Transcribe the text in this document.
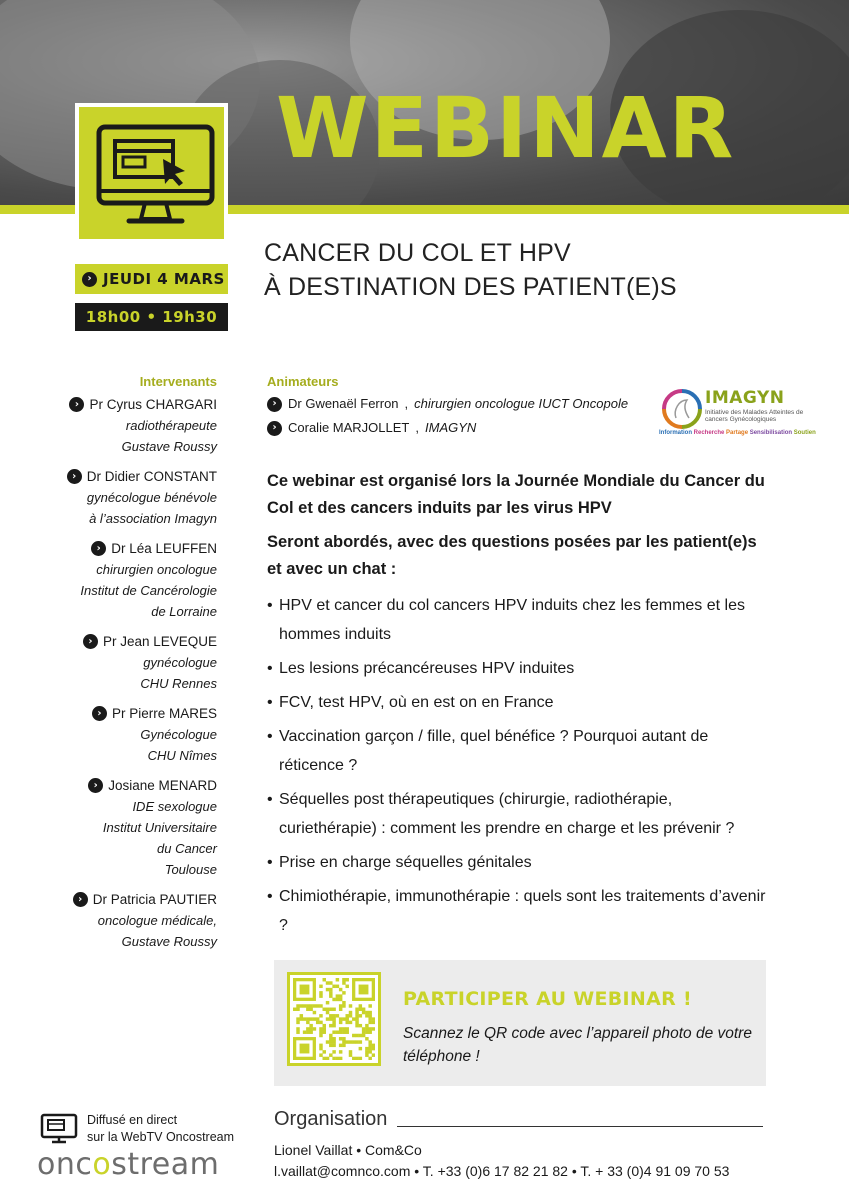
WEBINAR
› JEUDI 4 MARS
18h00 • 19h30
CANCER DU COL ET HPV
À DESTINATION DES PATIENT(E)S
Intervenants
› Pr Cyrus CHARGARI
radiothérapeute
Gustave Roussy
› Dr Didier CONSTANT
gynécologue bénévole
à l’association Imagyn
› Dr Léa LEUFFEN
chirurgien oncologue
Institut de Cancérologie
de Lorraine
› Pr Jean LEVEQUE
gynécologue
CHU Rennes
› Pr Pierre MARES
Gynécologue
CHU Nîmes
› Josiane MENARD
IDE sexologue
Institut Universitaire
du Cancer
Toulouse
› Dr Patricia PAUTIER
oncologue médicale,
Gustave Roussy
Animateurs
› Dr Gwenaël Ferron , chirurgien oncologue IUCT Oncopole
› Coralie MARJOLLET , IMAGYN
IMAGYN
Initiative des Malades Atteintes de cancers Gynécologiques
Information Recherche Partage Sensibilisation Soutien
Ce webinar est organisé lors la Journée Mondiale du Cancer du Col et des cancers induits par les virus HPV
Seront abordés, avec des questions posées par les patient(e)s et avec un chat :
• HPV et cancer du col cancers HPV induits chez les femmes et les hommes induits
• Les lesions précancéreuses HPV induites
• FCV, test HPV, où en est on en France
• Vaccination garçon / fille, quel bénéfice ? Pourquoi autant de réticence ?
• Séquelles post thérapeutiques (chirurgie, radiothérapie, curiethérapie) : comment les prendre en charge et les prévenir ?
• Prise en charge séquelles génitales
• Chimiothérapie, immunothérapie : quels sont les traitements d’avenir ?
PARTICIPER AU WEBINAR !
Scannez le QR code avec l’appareil photo de votre téléphone !
Diffusé en direct
sur la WebTV Oncostream
oncostream
Organisation
Lionel Vaillat • Com&Co
l.vaillat@comnco.com • T. +33 (0)6 17 82 21 82 • T. + 33 (0)4 91 09 70 53
